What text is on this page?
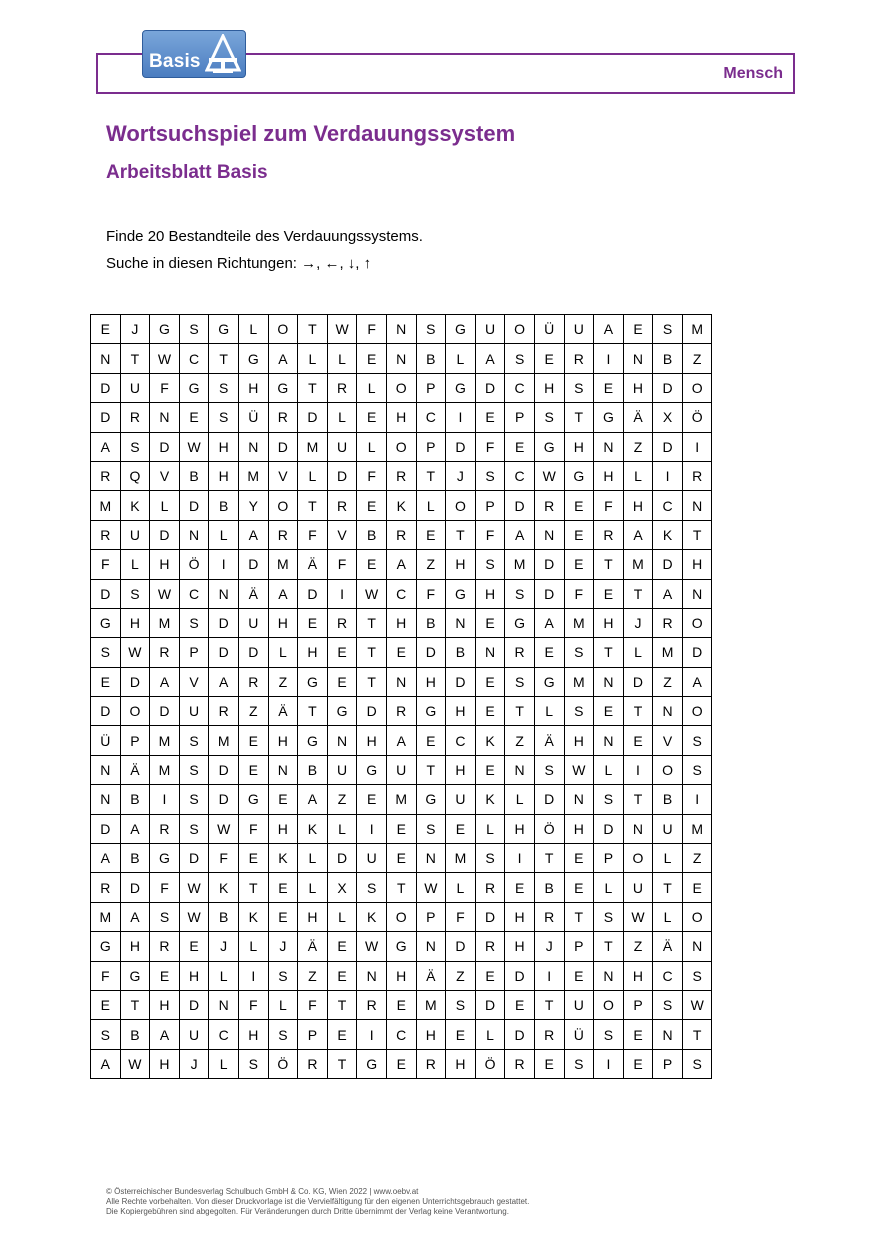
Mensch
Basis
Wortsuchspiel zum Verdauungssystem
Arbeitsblatt Basis
Finde 20 Bestandteile des Verdauungssystems.
Suche in diesen Richtungen: →, ←, ↓, ↑
E	J	G	S	G	L	O	T	W	F	N	S	G	U	O	Ü	U	A	E	S	M
N	T	W	C	T	G	A	L	L	E	N	B	L	A	S	E	R	I	N	B	Z
D	U	F	G	S	H	G	T	R	L	O	P	G	D	C	H	S	E	H	D	O
D	R	N	E	S	Ü	R	D	L	E	H	C	I	E	P	S	T	G	Ä	X	Ö
A	S	D	W	H	N	D	M	U	L	O	P	D	F	E	G	H	N	Z	D	I
R	Q	V	B	H	M	V	L	D	F	R	T	J	S	C	W	G	H	L	I	R
M	K	L	D	B	Y	O	T	R	E	K	L	O	P	D	R	E	F	H	C	N
R	U	D	N	L	A	R	F	V	B	R	E	T	F	A	N	E	R	A	K	T
F	L	H	Ö	I	D	M	Ä	F	E	A	Z	H	S	M	D	E	T	M	D	H
D	S	W	C	N	Ä	A	D	I	W	C	F	G	H	S	D	F	E	T	A	N
G	H	M	S	D	U	H	E	R	T	H	B	N	E	G	A	M	H	J	R	O
S	W	R	P	D	D	L	H	E	T	E	D	B	N	R	E	S	T	L	M	D
E	D	A	V	A	R	Z	G	E	T	N	H	D	E	S	G	M	N	D	Z	A
D	O	D	U	R	Z	Ä	T	G	D	R	G	H	E	T	L	S	E	T	N	O
Ü	P	M	S	M	E	H	G	N	H	A	E	C	K	Z	Ä	H	N	E	V	S
N	Ä	M	S	D	E	N	B	U	G	U	T	H	E	N	S	W	L	I	O	S
N	B	I	S	D	G	E	A	Z	E	M	G	U	K	L	D	N	S	T	B	I
D	A	R	S	W	F	H	K	L	I	E	S	E	L	H	Ö	H	D	N	U	M
A	B	G	D	F	E	K	L	D	U	E	N	M	S	I	T	E	P	O	L	Z
R	D	F	W	K	T	E	L	X	S	T	W	L	R	E	B	E	L	U	T	E
M	A	S	W	B	K	E	H	L	K	O	P	F	D	H	R	T	S	W	L	O
G	H	R	E	J	L	J	Ä	E	W	G	N	D	R	H	J	P	T	Z	Ä	N
F	G	E	H	L	I	S	Z	E	N	H	Ä	Z	E	D	I	E	N	H	C	S
E	T	H	D	N	F	L	F	T	R	E	M	S	D	E	T	U	O	P	S	W
S	B	A	U	C	H	S	P	E	I	C	H	E	L	D	R	Ü	S	E	N	T
A	W	H	J	L	S	Ö	R	T	G	E	R	H	Ö	R	E	S	I	E	P	S
© Österreichischer Bundesverlag Schulbuch GmbH & Co. KG, Wien 2022 | www.oebv.at
Alle Rechte vorbehalten. Von dieser Druckvorlage ist die Vervielfältigung für den eigenen Unterrichtsgebrauch gestattet.
Die Kopiergebühren sind abgegolten. Für Veränderungen durch Dritte übernimmt der Verlag keine Verantwortung.
